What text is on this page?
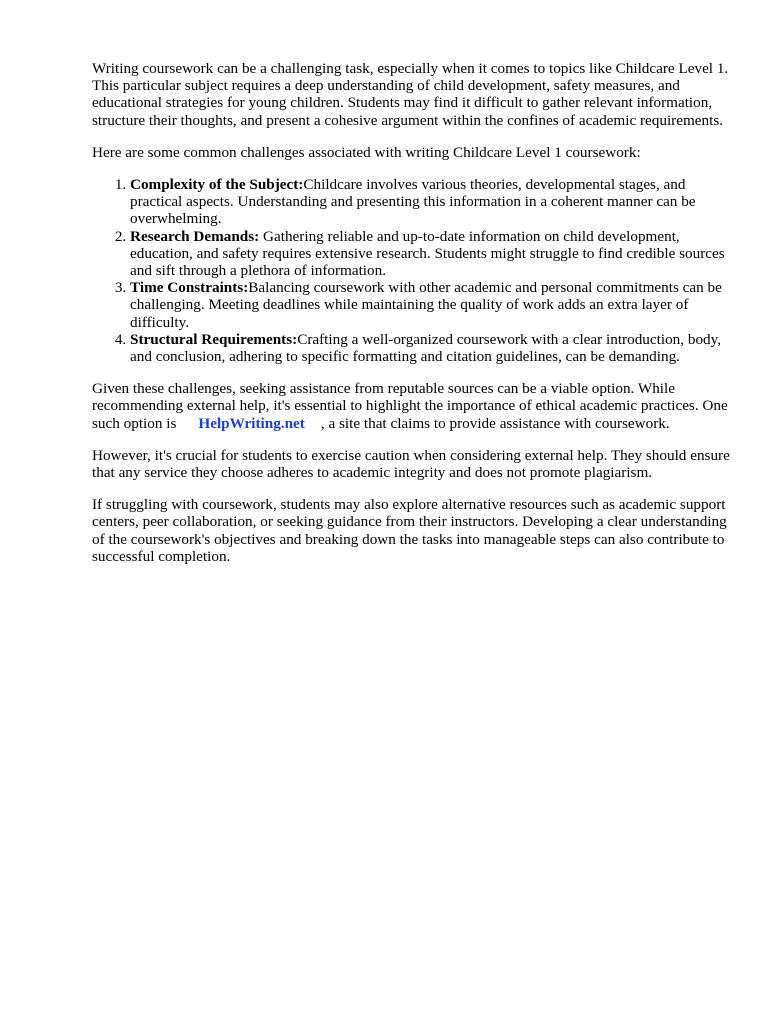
Writing coursework can be a challenging task, especially when it comes to topics like Childcare Level 1. This particular subject requires a deep understanding of child development, safety measures, and educational strategies for young children. Students may find it difficult to gather relevant information, structure their thoughts, and present a cohesive argument within the confines of academic requirements.

Here are some common challenges associated with writing Childcare Level 1 coursework:

1. Complexity of the Subject:Childcare involves various theories, developmental stages, and practical aspects. Understanding and presenting this information in a coherent manner can be overwhelming.
2. Research Demands: Gathering reliable and up-to-date information on child development, education, and safety requires extensive research. Students might struggle to find credible sources and sift through a plethora of information.
3. Time Constraints:Balancing coursework with other academic and personal commitments can be challenging. Meeting deadlines while maintaining the quality of work adds an extra layer of difficulty.
4. Structural Requirements:Crafting a well-organized coursework with a clear introduction, body, and conclusion, adhering to specific formatting and citation guidelines, can be demanding.

Given these challenges, seeking assistance from reputable sources can be a viable option. While recommending external help, it's essential to highlight the importance of ethical academic practices. One such option is HelpWriting.net , a site that claims to provide assistance with coursework.

However, it's crucial for students to exercise caution when considering external help. They should ensure that any service they choose adheres to academic integrity and does not promote plagiarism.

If struggling with coursework, students may also explore alternative resources such as academic support centers, peer collaboration, or seeking guidance from their instructors. Developing a clear understanding of the coursework's objectives and breaking down the tasks into manageable steps can also contribute to successful completion.
